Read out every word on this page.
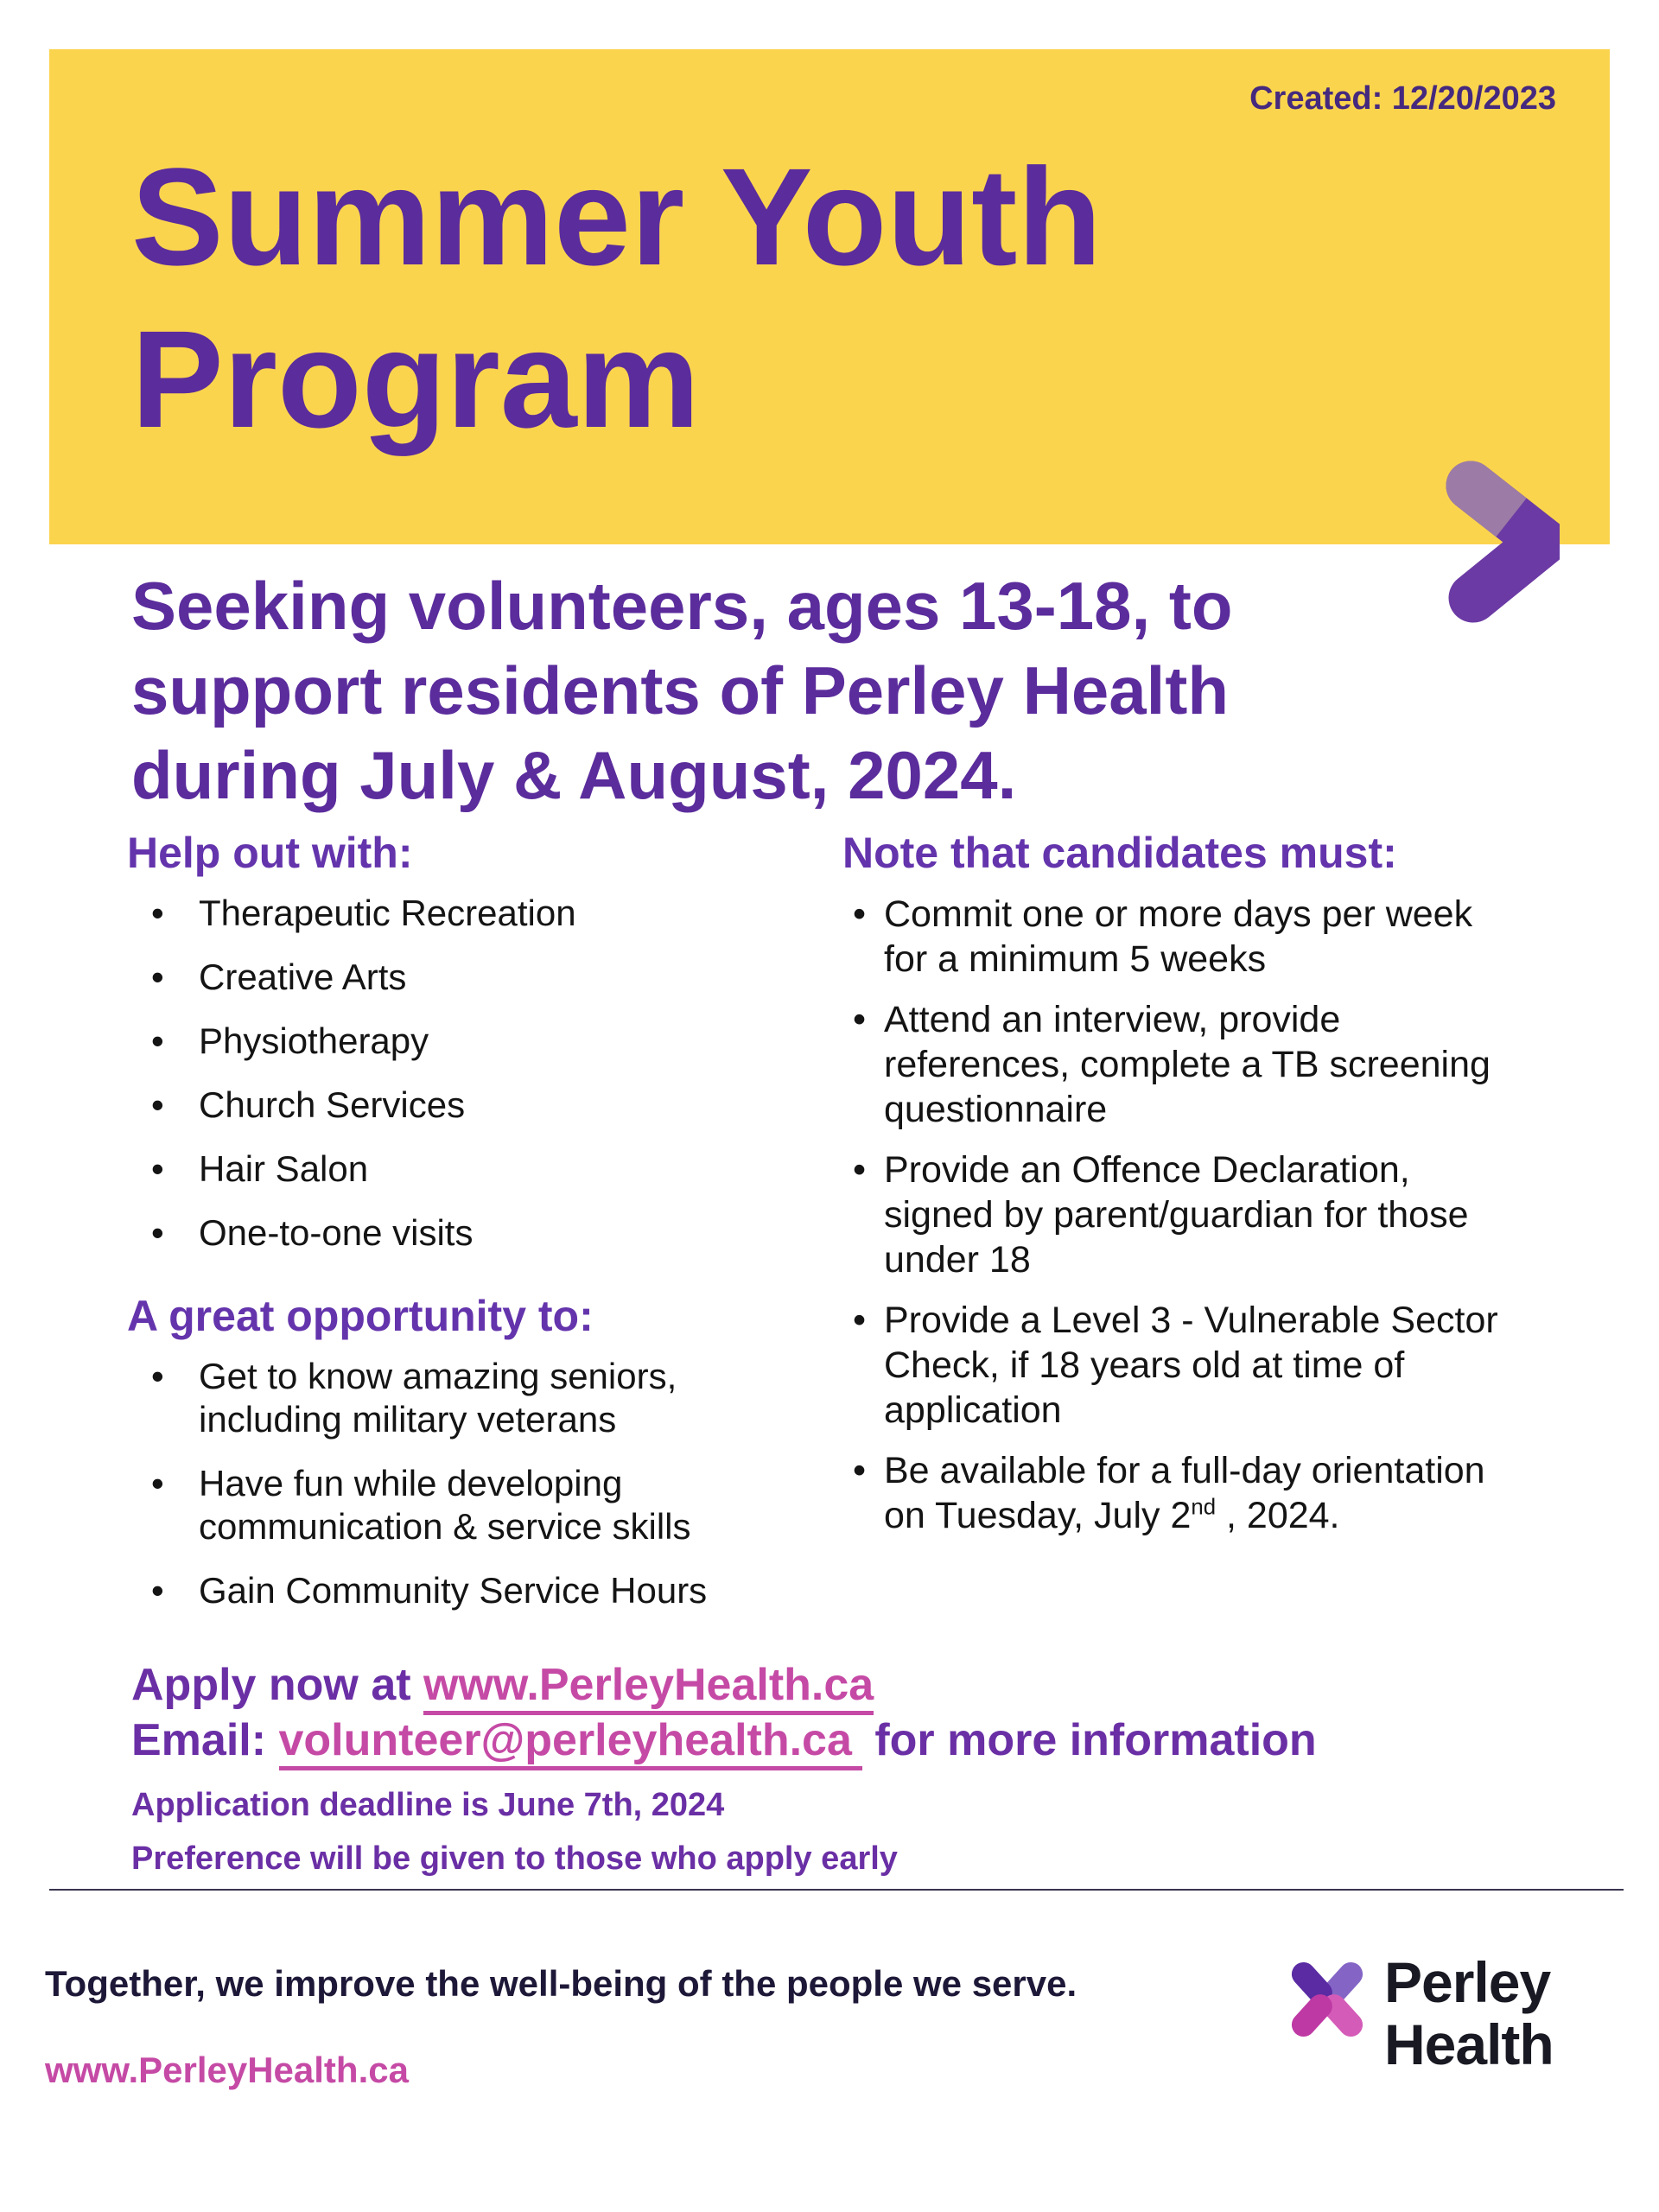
Created: 12/20/2023
Summer Youth
Program
Seeking volunteers, ages 13-18, to
support residents of Perley Health
during July & August, 2024.
Help out with:
• Therapeutic Recreation
• Creative Arts
• Physiotherapy
• Church Services
• Hair Salon
• One-to-one visits
A great opportunity to:
• Get to know amazing seniors,
including military veterans
• Have fun while developing
communication & service skills
• Gain Community Service Hours
Note that candidates must:
• Commit one or more days per week
for a minimum 5 weeks
• Attend an interview, provide
references, complete a TB screening
questionnaire
• Provide an Offence Declaration,
signed by parent/guardian for those
under 18
• Provide a Level 3 - Vulnerable Sector
Check, if 18 years old at time of
application
• Be available for a full-day orientation
on Tuesday, July 2nd , 2024.

Apply now at www.PerleyHealth.ca

Email: volunteer@perleyhealth.ca for more information

Application deadline is June 7th, 2024
Preference will be given to those who apply early
Together, we improve the well-being of the people we serve.
www.PerleyHealth.ca
Perley
Health
